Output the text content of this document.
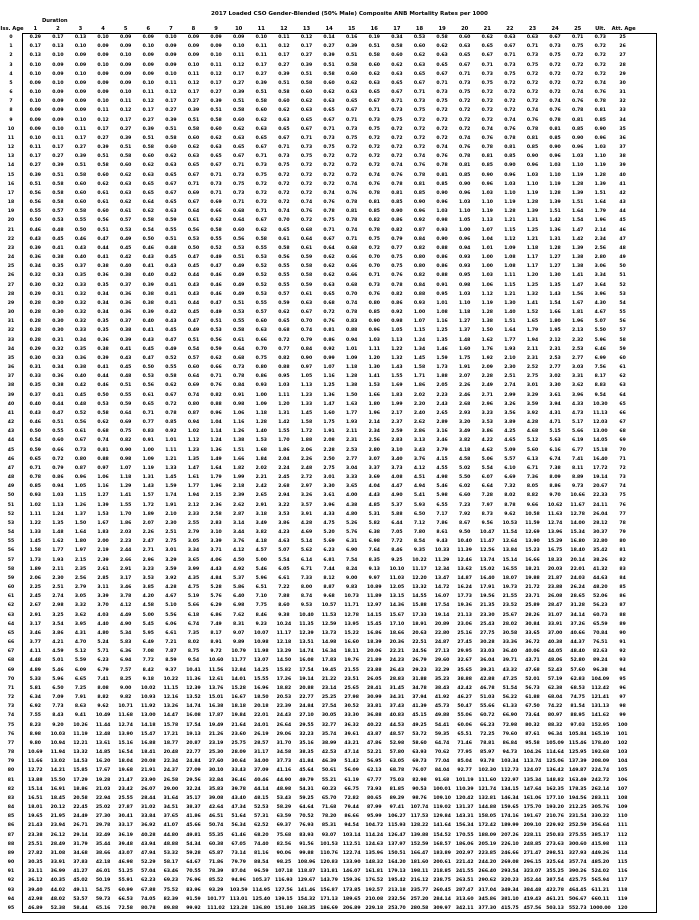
2017 Loaded CSO Gender-Blended (50% Male) Composite ANB Mortality Rates per 1000
Duration
Iss. Age	1	2	3	4	5	6	7	8	9	10	11	12	13	14	15	16	17	18	19	20	21	22	23	24	25	Ult.	Att. Age
0	0.29	0.17	0.13	0.10	0.09	0.09	0.10	0.09	0.09	0.09	0.10	0.11	0.12	0.14	0.16	0.19	0.34	0.53	0.58	0.60	0.62	0.63	0.63	0.67	0.71	0.73	25
1	0.17	0.13	0.10	0.09	0.09	0.10	0.09	0.09	0.09	0.10	0.11	0.12	0.17	0.27	0.39	0.51	0.58	0.60	0.62	0.63	0.65	0.67	0.71	0.73	0.75	0.72	26
2	0.13	0.10	0.09	0.09	0.10	0.09	0.09	0.09	0.10	0.11	0.11	0.17	0.27	0.39	0.51	0.58	0.60	0.62	0.63	0.65	0.67	0.71	0.73	0.75	0.72	0.72	27
3	0.10	0.09	0.09	0.10	0.09	0.09	0.09	0.10	0.11	0.12	0.17	0.27	0.39	0.51	0.58	0.60	0.62	0.63	0.65	0.67	0.71	0.73	0.75	0.72	0.72	0.72	28
4	0.10	0.09	0.10	0.09	0.09	0.09	0.10	0.11	0.12	0.17	0.27	0.39	0.51	0.58	0.60	0.62	0.63	0.65	0.67	0.71	0.73	0.75	0.72	0.72	0.72	0.72	29
5	0.09	0.10	0.09	0.09	0.09	0.10	0.11	0.12	0.17	0.27	0.39	0.51	0.58	0.60	0.62	0.63	0.65	0.67	0.71	0.73	0.75	0.72	0.72	0.72	0.72	0.74	30
6	0.10	0.09	0.09	0.09	0.10	0.11	0.12	0.17	0.27	0.39	0.51	0.58	0.60	0.62	0.63	0.65	0.67	0.71	0.73	0.75	0.72	0.72	0.72	0.72	0.74	0.76	31
7	0.10	0.09	0.09	0.10	0.11	0.12	0.17	0.27	0.39	0.51	0.58	0.60	0.62	0.63	0.65	0.67	0.71	0.73	0.75	0.72	0.72	0.72	0.72	0.74	0.76	0.78	32
8	0.09	0.09	0.09	0.11	0.12	0.17	0.27	0.39	0.51	0.58	0.60	0.62	0.63	0.65	0.67	0.71	0.73	0.75	0.72	0.72	0.72	0.72	0.74	0.76	0.78	0.81	33
9	0.09	0.09	0.10	0.12	0.17	0.27	0.39	0.51	0.58	0.60	0.62	0.63	0.65	0.67	0.71	0.73	0.75	0.72	0.72	0.72	0.72	0.74	0.76	0.78	0.81	0.85	34
10	0.09	0.10	0.11	0.17	0.27	0.39	0.51	0.58	0.60	0.62	0.63	0.65	0.67	0.71	0.73	0.75	0.72	0.72	0.72	0.72	0.74	0.76	0.78	0.81	0.85	0.90	35
11	0.10	0.11	0.17	0.27	0.39	0.51	0.58	0.60	0.62	0.63	0.65	0.67	0.71	0.73	0.75	0.72	0.72	0.72	0.72	0.74	0.76	0.78	0.81	0.85	0.90	0.96	36
12	0.11	0.17	0.27	0.39	0.51	0.58	0.60	0.62	0.63	0.65	0.67	0.71	0.73	0.75	0.72	0.72	0.72	0.72	0.74	0.76	0.78	0.81	0.85	0.90	0.96	1.03	37
13	0.17	0.27	0.39	0.51	0.58	0.60	0.62	0.63	0.65	0.67	0.71	0.73	0.75	0.72	0.72	0.72	0.72	0.74	0.76	0.78	0.81	0.85	0.90	0.96	1.03	1.10	38
14	0.27	0.39	0.51	0.58	0.60	0.62	0.63	0.65	0.67	0.71	0.73	0.75	0.72	0.72	0.72	0.72	0.74	0.76	0.78	0.81	0.85	0.90	0.96	1.03	1.10	1.19	39
15	0.39	0.51	0.58	0.60	0.62	0.63	0.65	0.67	0.71	0.73	0.75	0.72	0.72	0.72	0.72	0.74	0.76	0.78	0.81	0.85	0.90	0.96	1.03	1.10	1.19	1.28	40
16	0.51	0.58	0.60	0.62	0.63	0.65	0.67	0.71	0.73	0.75	0.72	0.72	0.72	0.72	0.74	0.76	0.78	0.81	0.85	0.90	0.96	1.03	1.10	1.19	1.28	1.39	41
17	0.56	0.58	0.60	0.61	0.63	0.65	0.67	0.69	0.71	0.73	0.72	0.72	0.72	0.74	0.76	0.78	0.81	0.85	0.90	0.96	1.03	1.10	1.19	1.28	1.39	1.51	42
18	0.56	0.58	0.60	0.61	0.62	0.64	0.65	0.67	0.69	0.71	0.72	0.72	0.74	0.76	0.78	0.81	0.85	0.90	0.96	1.03	1.10	1.19	1.28	1.39	1.51	1.64	43
19	0.55	0.57	0.58	0.60	0.61	0.62	0.63	0.64	0.66	0.68	0.71	0.74	0.76	0.78	0.81	0.85	0.90	0.96	1.03	1.10	1.19	1.28	1.39	1.51	1.64	1.79	44
20	0.50	0.53	0.55	0.56	0.57	0.58	0.59	0.61	0.62	0.64	0.67	0.70	0.72	0.75	0.78	0.82	0.86	0.92	0.98	1.05	1.13	1.21	1.31	1.42	1.54	1.96	45
21	0.46	0.48	0.50	0.51	0.53	0.54	0.55	0.56	0.58	0.60	0.62	0.65	0.68	0.71	0.74	0.78	0.82	0.87	0.93	1.00	1.07	1.15	1.25	1.36	1.47	2.14	46
22	0.43	0.45	0.46	0.47	0.49	0.50	0.51	0.53	0.55	0.56	0.58	0.61	0.64	0.67	0.71	0.75	0.79	0.84	0.90	0.96	1.04	1.12	1.21	1.31	1.42	2.34	47
23	0.39	0.41	0.43	0.44	0.45	0.46	0.48	0.50	0.52	0.53	0.55	0.58	0.61	0.64	0.68	0.72	0.77	0.82	0.88	0.94	1.01	1.09	1.18	1.28	1.39	2.56	48
24	0.36	0.38	0.40	0.41	0.42	0.43	0.45	0.47	0.49	0.51	0.53	0.56	0.59	0.62	0.66	0.70	0.75	0.80	0.86	0.93	1.00	1.08	1.17	1.27	1.38	2.80	49
25	0.34	0.35	0.37	0.38	0.40	0.41	0.43	0.45	0.47	0.49	0.52	0.55	0.58	0.62	0.66	0.70	0.75	0.80	0.86	0.93	1.00	1.08	1.17	1.27	1.38	3.06	50
26	0.32	0.33	0.35	0.36	0.38	0.40	0.42	0.44	0.46	0.49	0.52	0.55	0.58	0.62	0.66	0.71	0.76	0.82	0.88	0.95	1.03	1.11	1.20	1.30	1.41	3.34	51
27	0.30	0.32	0.33	0.35	0.37	0.39	0.41	0.43	0.46	0.49	0.52	0.55	0.59	0.63	0.68	0.73	0.78	0.84	0.91	0.98	1.06	1.15	1.25	1.35	1.47	3.64	52
28	0.29	0.31	0.32	0.34	0.36	0.38	0.41	0.43	0.46	0.49	0.53	0.57	0.61	0.65	0.70	0.76	0.82	0.88	0.95	1.03	1.12	1.21	1.32	1.43	1.56	3.96	53
29	0.28	0.30	0.32	0.34	0.36	0.38	0.41	0.44	0.47	0.51	0.55	0.59	0.63	0.68	0.74	0.80	0.86	0.93	1.01	1.10	1.19	1.30	1.41	1.54	1.67	4.30	54
30	0.28	0.30	0.32	0.34	0.36	0.39	0.42	0.45	0.49	0.53	0.57	0.62	0.67	0.72	0.78	0.85	0.92	1.00	1.08	1.18	1.28	1.40	1.52	1.66	1.81	4.67	55
31	0.28	0.30	0.32	0.35	0.37	0.40	0.43	0.47	0.51	0.55	0.60	0.65	0.70	0.76	0.83	0.90	0.98	1.07	1.16	1.27	1.38	1.51	1.65	1.80	1.96	5.07	56
32	0.28	0.30	0.33	0.35	0.38	0.41	0.45	0.49	0.53	0.58	0.63	0.68	0.74	0.81	0.88	0.96	1.05	1.15	1.25	1.37	1.50	1.64	1.79	1.95	2.13	5.50	57
33	0.28	0.31	0.34	0.36	0.39	0.43	0.47	0.51	0.56	0.61	0.66	0.72	0.79	0.86	0.94	1.03	1.13	1.24	1.35	1.48	1.62	1.77	1.94	2.12	2.32	5.96	58
34	0.29	0.32	0.35	0.38	0.41	0.45	0.49	0.54	0.59	0.64	0.70	0.77	0.84	0.92	1.01	1.11	1.22	1.34	1.46	1.60	1.76	1.93	2.11	2.31	2.53	6.46	59
35	0.30	0.33	0.36	0.39	0.43	0.47	0.52	0.57	0.62	0.68	0.75	0.82	0.90	0.99	1.09	1.20	1.32	1.45	1.59	1.75	1.92	2.10	2.31	2.53	2.77	6.99	60
36	0.31	0.34	0.38	0.41	0.45	0.50	0.55	0.60	0.66	0.73	0.80	0.88	0.97	1.07	1.18	1.30	1.43	1.58	1.73	1.91	2.09	2.30	2.52	2.77	3.03	7.56	61
37	0.33	0.36	0.40	0.44	0.48	0.53	0.58	0.64	0.71	0.78	0.86	0.95	1.05	1.16	1.28	1.41	1.55	1.71	1.88	2.07	2.28	2.51	2.75	3.02	3.31	8.17	62
38	0.35	0.38	0.42	0.46	0.51	0.56	0.62	0.69	0.76	0.84	0.93	1.03	1.13	1.25	1.38	1.53	1.69	1.86	2.05	2.26	2.49	2.74	3.01	3.30	3.62	8.83	63
39	0.37	0.41	0.45	0.50	0.55	0.61	0.67	0.74	0.82	0.91	1.00	1.11	1.23	1.36	1.50	1.66	1.83	2.02	2.23	2.46	2.71	2.99	3.29	3.61	3.96	9.54	64
40	0.40	0.44	0.48	0.53	0.59	0.65	0.72	0.80	0.88	0.98	1.09	1.20	1.33	1.47	1.63	1.80	1.99	2.20	2.43	2.68	2.96	3.26	3.59	3.94	4.33	10.30	65
41	0.43	0.47	0.52	0.58	0.64	0.71	0.78	0.87	0.96	1.06	1.18	1.31	1.45	1.60	1.77	1.96	2.17	2.40	2.65	2.93	3.23	3.56	3.92	4.31	4.73	11.13	66
42	0.46	0.51	0.56	0.62	0.69	0.77	0.85	0.94	1.04	1.16	1.28	1.42	1.58	1.75	1.93	2.14	2.37	2.62	2.89	3.20	3.53	3.89	4.28	4.71	5.17	12.03	67
43	0.50	0.55	0.61	0.68	0.75	0.83	0.92	1.02	1.14	1.26	1.40	1.55	1.72	1.91	2.11	2.34	2.59	2.86	3.16	3.49	3.86	4.25	4.68	5.15	5.66	13.00	68
44	0.54	0.60	0.67	0.74	0.82	0.91	1.01	1.12	1.24	1.38	1.53	1.70	1.88	2.08	2.31	2.56	2.83	3.13	3.46	3.82	4.22	4.65	5.12	5.63	6.19	14.05	69
45	0.59	0.66	0.73	0.81	0.90	1.00	1.11	1.23	1.36	1.51	1.68	1.86	2.06	2.28	2.53	2.80	3.10	3.43	3.79	4.18	4.62	5.09	5.60	6.16	6.77	15.18	70
46	0.65	0.72	0.80	0.88	0.98	1.09	1.21	1.35	1.49	1.66	1.84	2.04	2.26	2.50	2.77	3.07	3.40	3.76	4.15	4.58	5.06	5.57	6.13	6.74	7.41	16.40	71
47	0.71	0.79	0.87	0.97	1.07	1.19	1.33	1.47	1.64	1.82	2.02	2.24	2.48	2.75	3.04	3.37	3.73	4.12	4.55	5.02	5.54	6.10	6.71	7.38	8.11	17.72	72
48	0.78	0.86	0.96	1.06	1.18	1.31	1.45	1.61	1.79	1.99	2.21	2.45	2.72	3.01	3.33	3.69	4.08	4.51	4.98	5.50	6.07	6.69	7.36	8.09	8.89	19.14	73
49	0.85	0.94	1.05	1.16	1.29	1.43	1.59	1.77	1.96	2.18	2.42	2.68	2.97	3.30	3.65	4.04	4.47	4.94	5.46	6.02	6.64	7.32	8.05	8.86	9.73	20.67	74
50	0.93	1.03	1.15	1.27	1.41	1.57	1.74	1.94	2.15	2.39	2.65	2.94	3.26	3.61	4.00	4.43	4.90	5.41	5.98	6.60	7.28	8.02	8.82	9.70	10.66	22.33	75
51	1.02	1.13	1.26	1.39	1.55	1.72	1.91	2.12	2.36	2.62	2.91	3.22	3.57	3.96	4.38	4.85	5.37	5.93	6.55	7.23	7.97	8.78	9.66	10.62	11.67	24.11	76
52	1.11	1.24	1.37	1.53	1.70	1.89	2.10	2.33	2.58	2.87	3.18	3.53	3.91	4.33	4.80	5.31	5.88	6.50	7.17	7.92	8.73	9.62	10.58	11.63	12.78	26.04	77
53	1.22	1.35	1.50	1.67	1.86	2.07	2.30	2.55	2.83	3.14	3.49	3.86	4.28	4.75	5.26	5.82	6.44	7.12	7.86	8.67	9.56	10.53	11.59	12.74	14.00	28.12	78
54	1.33	1.48	1.64	1.83	2.03	2.26	2.51	2.79	3.10	3.44	3.82	4.23	4.69	5.20	5.76	6.38	7.05	7.80	8.61	9.50	10.47	11.54	12.69	13.96	15.34	30.37	79
55	1.45	1.62	1.80	2.00	2.23	2.47	2.75	3.05	3.39	3.76	4.18	4.63	5.14	5.69	6.31	6.98	7.72	8.54	9.43	10.40	11.47	12.64	13.90	15.29	16.80	32.80	80
56	1.58	1.77	1.97	2.19	2.44	2.71	3.01	3.34	3.71	4.12	4.57	5.07	5.62	6.23	6.90	7.64	8.46	9.35	10.33	11.39	12.56	13.84	15.23	16.75	18.40	35.42	81
57	1.73	1.93	2.15	2.39	2.66	2.96	3.29	3.65	4.06	4.50	5.00	5.54	6.14	6.81	7.54	8.35	9.25	10.22	11.29	12.46	13.74	15.14	16.66	18.33	20.14	38.26	82
58	1.89	2.11	2.35	2.61	2.91	3.23	3.59	3.99	4.43	4.92	5.46	6.05	6.71	7.44	8.24	9.13	10.10	11.17	12.34	13.62	15.02	16.55	18.21	20.03	22.01	41.32	83
59	2.06	2.30	2.56	2.85	3.17	3.53	3.92	4.35	4.84	5.37	5.96	6.61	7.33	8.12	9.00	9.97	11.03	12.20	13.47	14.87	16.40	18.07	19.88	21.87	24.03	44.63	84
60	2.25	2.51	2.79	3.11	3.46	3.85	4.28	4.75	5.28	5.86	6.51	7.22	8.00	8.87	9.83	10.89	12.05	13.32	14.72	16.24	17.91	19.73	21.72	23.88	26.24	48.20	85
61	2.45	2.74	3.05	3.39	3.78	4.20	4.67	5.19	5.76	6.40	7.10	7.88	8.74	9.68	10.73	11.89	13.15	14.55	16.07	17.73	19.56	21.55	23.71	26.08	28.65	52.06	86
62	2.67	2.98	3.32	3.70	4.12	4.58	5.10	5.66	6.29	6.98	7.75	8.60	9.53	10.57	11.71	12.97	14.36	15.88	17.54	19.36	21.35	23.52	25.89	28.47	31.28	56.23	87
63	2.91	3.25	3.62	4.03	4.49	5.00	5.56	6.18	6.86	7.62	8.46	9.38	10.40	11.53	12.78	14.15	15.67	17.33	19.14	21.13	23.30	25.67	28.26	31.07	34.14	60.73	88
64	3.17	3.54	3.95	4.40	4.90	5.45	6.06	6.74	7.49	8.31	9.23	10.24	11.35	12.59	13.95	15.45	17.10	18.91	20.89	23.06	25.43	28.02	30.84	33.91	37.26	65.59	89
65	3.46	3.86	4.31	4.80	5.34	5.95	6.61	7.35	8.17	9.07	10.07	11.17	12.39	13.73	15.22	16.86	18.66	20.63	22.80	25.16	27.75	30.58	33.65	37.00	40.66	70.84	90
66	3.77	4.21	4.70	5.24	5.83	6.49	7.21	8.02	8.91	9.89	10.98	12.18	13.51	14.98	16.60	18.39	20.36	22.51	24.87	27.45	30.28	33.36	36.72	40.38	44.37	76.51	91
67	4.11	4.59	5.12	5.71	6.36	7.08	7.87	8.75	9.72	10.79	11.98	13.29	14.74	16.34	18.11	20.06	22.21	24.56	27.13	29.95	33.03	36.40	40.06	44.05	48.40	82.63	92
68	4.48	5.01	5.59	6.23	6.94	7.72	8.59	9.54	10.60	11.77	13.07	14.50	16.08	17.83	19.76	21.89	24.23	26.79	29.60	32.67	36.04	39.71	43.71	48.06	52.80	89.24	93
69	4.89	5.46	6.09	6.79	7.57	8.42	9.37	10.41	11.56	12.84	14.25	15.82	17.54	19.45	21.55	23.88	26.43	29.23	32.29	35.65	39.31	43.32	47.68	52.43	57.60	96.38	94
70	5.33	5.96	6.65	7.41	8.25	9.18	10.22	11.36	12.61	14.01	15.55	17.26	19.14	21.22	23.51	26.05	28.83	31.88	35.23	38.88	42.88	47.25	52.01	57.19	62.83	104.09	95
71	5.81	6.50	7.25	8.08	9.00	10.02	11.15	12.39	13.76	15.28	16.96	18.82	20.88	23.14	25.65	28.41	31.45	34.78	38.43	42.42	46.78	51.54	56.73	62.38	68.53	112.42	96
72	6.34	7.09	7.91	8.82	9.82	10.93	12.16	13.52	15.01	16.67	18.50	20.53	22.77	25.25	27.98	30.99	34.31	37.94	41.92	46.27	51.03	56.22	61.88	68.04	74.75	121.41	97
73	6.92	7.73	8.63	9.62	10.71	11.92	13.26	14.74	16.38	18.18	20.18	22.39	24.84	27.54	30.52	33.81	37.43	41.39	45.73	50.47	55.66	61.33	67.50	74.22	81.54	131.13	98
74	7.55	8.43	9.41	10.49	11.68	13.00	14.47	16.08	17.87	19.84	22.01	24.43	27.10	30.05	33.30	36.88	40.83	45.15	49.88	55.06	60.72	66.90	73.64	80.97	88.95	141.62	99
75	8.23	9.20	10.26	11.44	12.74	14.18	15.78	17.54	19.49	21.64	24.01	26.64	29.55	32.77	36.32	40.22	44.53	49.25	54.41	60.06	66.23	72.98	80.32	88.32	97.03	152.95	100
76	8.98	10.03	11.19	12.48	13.90	15.47	17.21	19.13	21.26	23.60	26.19	29.06	32.23	35.74	39.61	43.87	48.57	53.72	59.35	65.51	72.25	79.60	87.61	96.34	105.84	165.19	101
77	9.80	10.94	12.21	13.61	15.16	16.88	18.77	20.87	23.19	25.75	28.57	31.70	35.16	38.99	43.21	47.86	52.98	58.60	64.74	71.46	78.81	86.84	95.58	105.09	115.46	178.40	102
78	10.69	11.94	13.32	14.85	16.54	18.41	20.48	22.77	25.30	28.09	31.17	34.58	38.35	42.53	47.14	52.21	57.80	63.93	70.62	77.95	85.97	94.73	104.26	114.64	125.95	192.68	103
79	11.66	13.02	14.53	16.20	18.04	20.08	22.34	24.84	27.60	30.64	34.00	37.73	41.84	46.39	51.42	56.95	63.05	69.73	77.04	85.04	93.78	103.34	113.74	125.06	137.39	208.09	104
80	12.72	14.21	15.85	17.67	19.68	21.91	24.37	27.09	30.10	33.43	37.09	41.16	45.64	50.61	56.09	62.13	68.78	76.07	84.04	92.77	102.30	112.73	124.07	136.42	149.87	224.74	105
81	13.88	15.50	17.29	19.28	21.47	23.90	26.58	29.56	32.84	36.46	40.46	44.90	49.79	55.21	61.19	67.77	75.03	82.98	91.68	101.19	111.60	122.97	135.34	148.82	163.49	242.72	106
82	15.14	16.91	18.86	21.03	23.42	26.07	29.00	32.24	35.83	39.78	44.14	48.98	54.31	60.23	66.75	73.93	81.85	90.53	100.01	110.39	121.74	134.15	147.64	162.35	178.35	262.14	107
83	16.51	18.45	20.58	22.94	25.55	28.44	31.64	35.17	39.08	43.40	48.15	53.43	59.25	65.70	72.82	80.65	89.29	98.76	109.10	120.42	132.81	146.34	161.06	177.10	194.56	283.11	108
84	18.01	20.12	22.45	25.02	27.87	31.02	34.51	38.37	42.64	47.34	52.53	58.29	64.64	71.68	79.44	87.99	97.41	107.74	119.02	131.37	144.88	159.65	175.70	193.20	212.25	305.76	109
85	19.65	21.95	24.49	27.30	30.41	33.84	37.65	41.86	46.51	51.64	57.31	63.59	70.52	78.20	86.66	95.99	106.27	117.53	129.84	143.31	158.05	174.16	191.67	210.76	231.54	330.22	110
86	21.43	23.94	26.71	29.78	33.17	36.92	41.07	45.66	50.74	56.34	62.52	69.37	76.93	85.31	94.54	104.72	115.93	128.22	141.64	156.34	172.42	189.99	209.10	229.92	252.59	356.64	111
87	23.38	26.12	29.14	32.49	36.19	40.28	44.80	49.81	55.35	61.46	68.20	75.68	83.93	93.07	103.14	114.24	126.47	139.88	154.52	170.55	188.09	207.26	228.11	250.83	275.55	385.17	112
88	25.51	28.49	31.79	35.44	39.48	43.94	48.88	54.34	60.38	67.05	74.40	82.56	91.56	101.53	112.51	124.63	137.97	152.59	168.57	186.06	205.19	226.10	248.85	273.63	300.60	415.98	113
89	27.82	31.08	34.68	38.66	43.07	47.94	53.32	59.28	65.87	73.14	81.16	90.06	99.88	110.76	122.74	135.96	150.51	166.47	183.89	202.97	223.85	246.66	271.47	298.51	327.93	449.26	114
90	30.35	33.91	37.83	42.18	46.98	52.29	58.17	64.67	71.86	79.79	88.54	98.25	108.96	120.83	133.90	148.32	164.20	181.60	200.61	221.42	244.20	269.08	296.15	325.64	357.74	485.20	115
91	33.11	36.99	41.27	46.01	51.25	57.04	63.46	70.55	78.39	87.04	96.59	107.18	118.87	131.81	146.07	161.81	179.13	198.11	218.85	241.55	266.40	293.54	323.07	355.25	390.26	524.02	116
92	36.12	40.35	45.02	50.19	55.91	62.23	69.23	76.96	85.52	94.96	105.37	116.93	129.67	143.79	159.36	176.52	195.42	216.12	238.75	263.51	290.62	320.23	352.44	387.54	425.75	565.94	117
93	39.40	44.02	49.11	54.75	60.99	67.88	75.52	83.96	93.29	103.59	114.95	127.56	141.46	156.87	173.85	192.57	213.18	235.77	260.45	287.47	317.04	349.34	384.48	422.78	464.45	611.21	118
94	42.98	48.02	53.57	59.73	66.53	74.05	82.39	91.59	101.77	113.01	125.40	139.15	154.32	171.13	189.65	210.08	232.56	257.20	284.14	313.60	345.86	381.10	419.43	461.21	506.67	660.11	119
95	46.89	52.38	58.44	65.16	72.58	80.78	89.88	99.92	111.02	123.28	136.80	151.80	168.35	186.69	206.89	229.18	253.70	280.58	309.97	342.11	377.30	415.75	457.56	503.13	552.73 1000.00	120
